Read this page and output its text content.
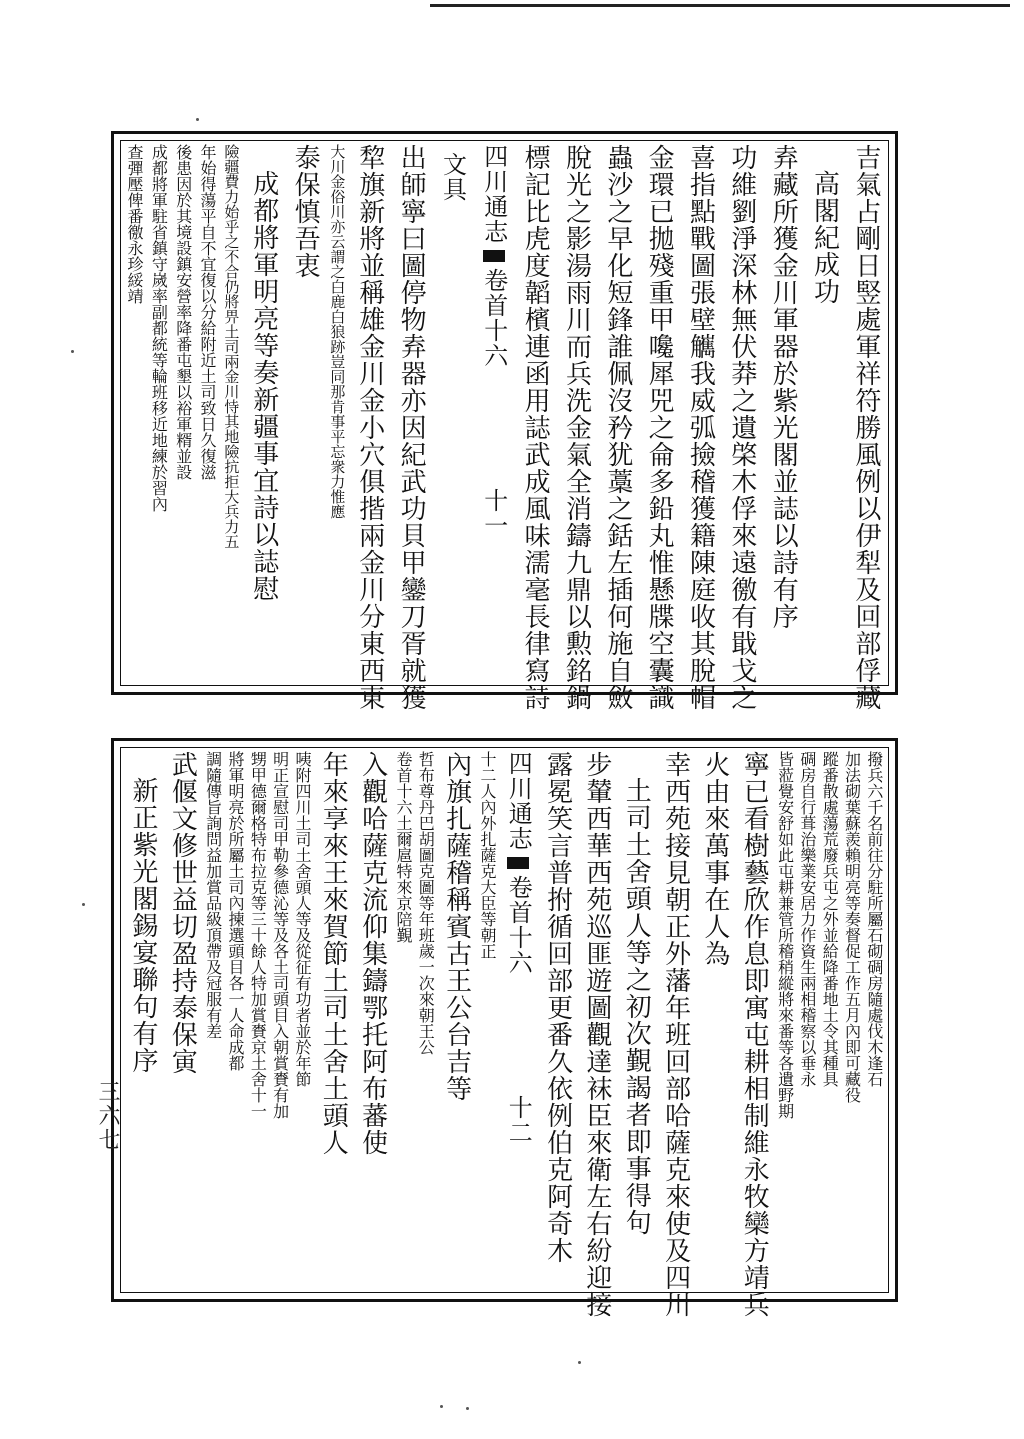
吉氣占剛日竪處軍祥符勝風例以伊犁及回部俘藏
高閣紀成功
弆藏所獲金川軍器於紫光閣並誌以詩有序
功維劉淨深林無伏莽之遺棨木俘來遠徼有戢戈之
喜指點戰圖張壁觽我威弧撿稽獲籍陳庭收其脫帽
金環已拋殘重甲嚵犀兕之侖多鉛丸惟懸牒空囊識
蟲沙之早化短鋒誰佩沒矜犹藁之銛左插何施自斂
脫光之影湯雨川而兵洗金氣全消鑄九鼎以勲銘鍋
標記比虎度韜檳連函用誌武成風味濡毫長律寫詩
四川通志卷首十六十一
文具
出師寧曰圖停物弆器亦因紀武功貝甲鑾刀胥就獲
犂旗新將並稱雄金川金小穴俱揩兩金川分東西東
大川金俗川亦云謂之白鹿白狼跡豈同那肯事平忘衆力惟應
泰保慎吾衷
成都將軍明亮等奏新疆事宜詩以誌慰
險疆費力始乎之不合仍將畀土司兩金川恃其地險抗拒大兵力五
年始得蕩平自不宜復以分給附近土司致日久復滋
後患因於其境設鎮安營率降番屯墾以裕軍糈並設
成都將軍駐省鎮守嵗率副都統等輪班移近地練於習內
查彈壓俾番徼永珍綏靖
撥兵六千名前往分駐所屬石砌碉房隨處伐木逢石
加法砌葉蘇羨賴明亮等奏督促工作五月內即可藏役
蹤番散處蕩荒廢兵屯之外並給降番地土令其種具
碉房自行葺治樂業安居力作資生兩相稽察以垂永
皆蒞覺安舒如此屯耕兼管所稽稍縱將來番等各遺野期
寧已看樹藝欣作息即寓屯耕相制維永牧欒方靖兵
火由來萬事在人為
幸西苑接見朝正外藩年班回部哈薩克來使及四川
土司土舍頭人等之初次覲謁者即事得句
步輦西華西苑巡匪遊圖觀達袜臣來衛左右紛迎接
露冕笑言普拊循回部更番久依例伯克阿奇木
四川通志卷首十六十二
十二人內外扎薩克大臣等朝正
內旗扎薩稽稱賓古王公台吉等
哲布尊丹巴胡圖克圖等年班歲一次來朝王公
卷首十六土爾扈特來京陪覲
入觀哈薩克流仰集鑄鄂托阿布蕃使
年來享來王來賀節土司土舍土頭人
咦附四川土司土舍頭人等及從征有功者並於年節
明正宣慰司甲勒參德沁等及各土司頭目入朝賞賚有加
甥甲德爾格特布拉克等三十餘人特加賞賚京土舍十一
將軍明亮於所屬土司內揀選頭目各一人命成都
調隨傳旨詢問益加賞品級頂帶及冠服有差
武偃文修世益切盈持泰保寅
新正紫光閣錫宴聯句有序
三六七
